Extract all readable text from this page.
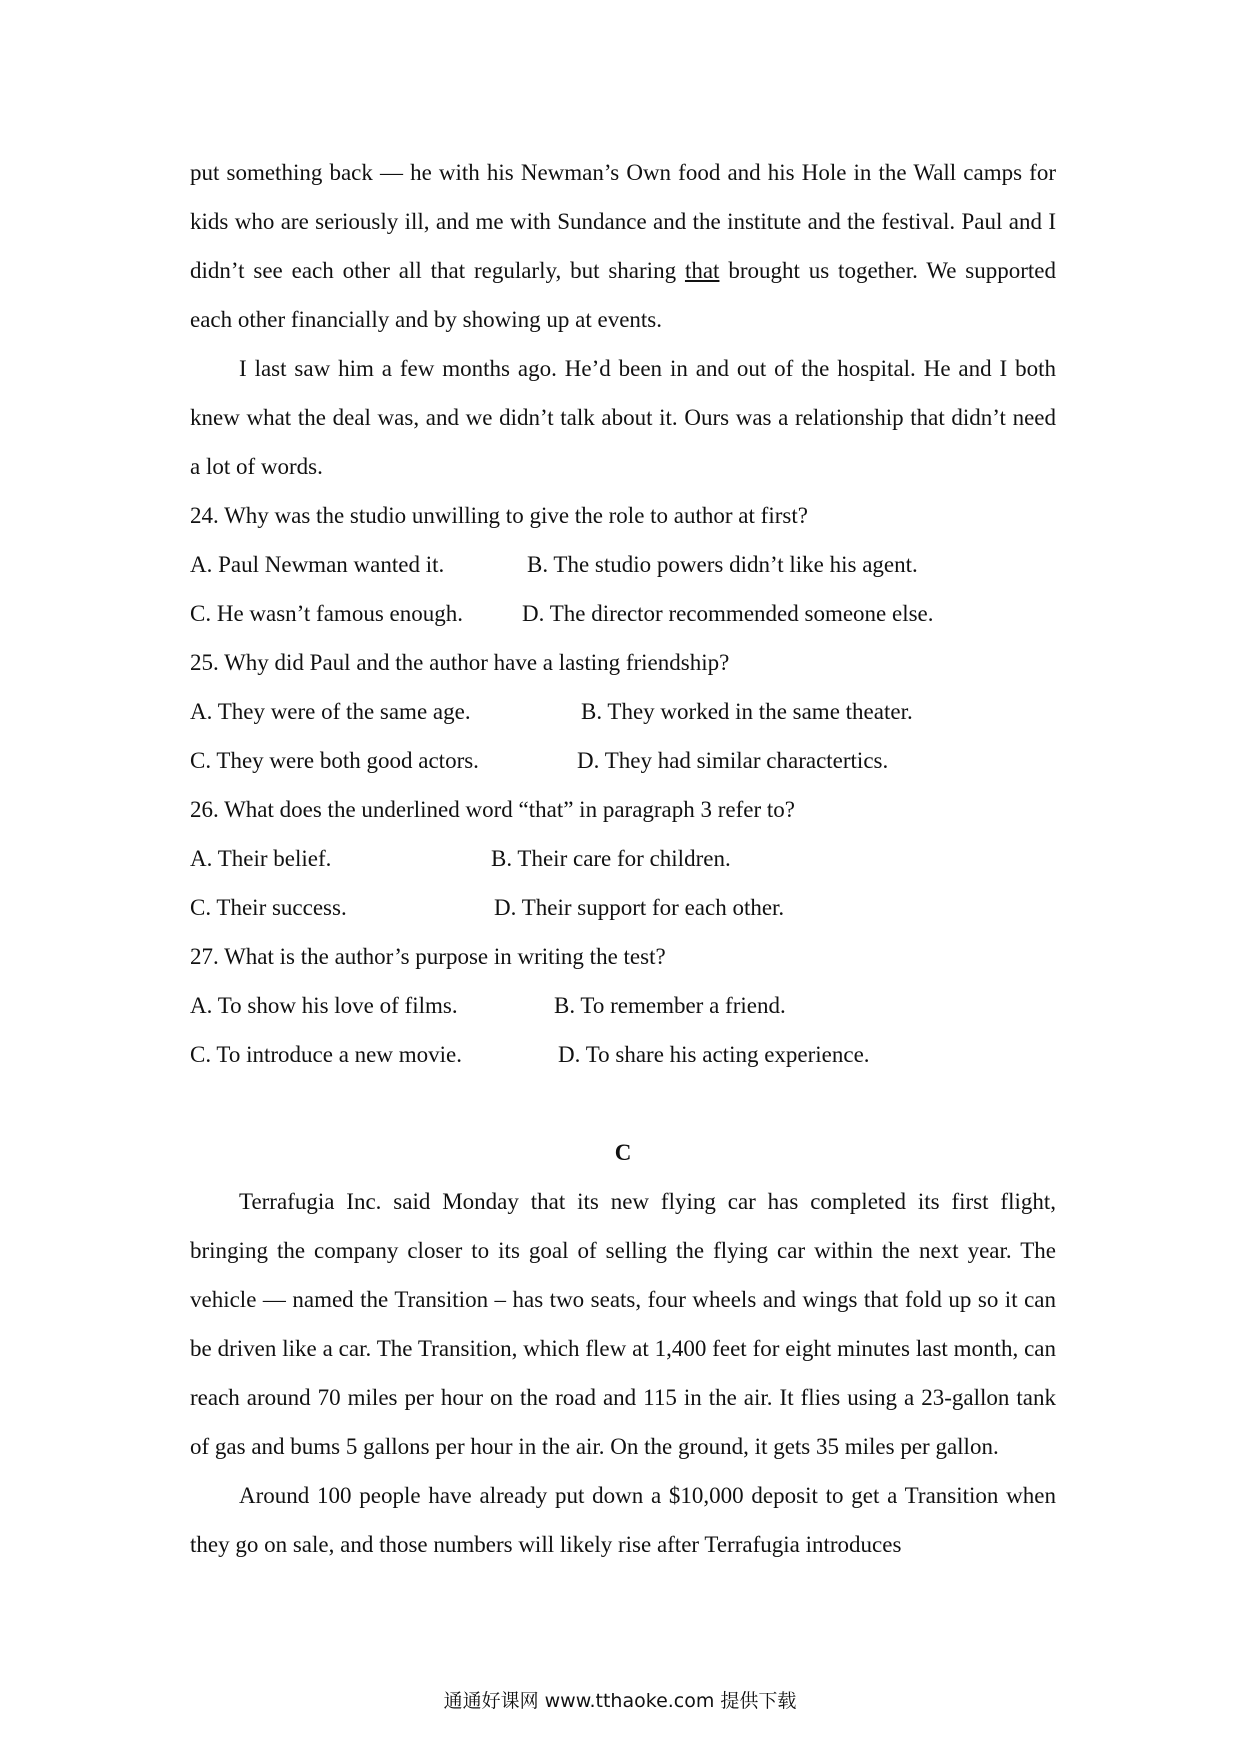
put something back — he with his Newman’s Own food and his Hole in the Wall camps for kids who are seriously ill, and me with Sundance and the institute and the festival. Paul and I didn’t see each other all that regularly, but sharing that brought us together. We supported each other financially and by showing up at events.

I last saw him a few months ago. He’d been in and out of the hospital. He and I both knew what the deal was, and we didn’t talk about it. Ours was a relationship that didn’t need a lot of words.

24. Why was the studio unwilling to give the role to author at first?

A. Paul Newman wanted it.	B. The studio powers didn’t like his agent.
C. He wasn’t famous enough.	D. The director recommended someone else.

25. Why did Paul and the author have a lasting friendship?

A. They were of the same age.	B. They worked in the same theater.
C. They were both good actors.	D. They had similar charactertics.

26. What does the underlined word “that” in paragraph 3 refer to?

A. Their belief.	B. Their care for children.
C. Their success.	D. Their support for each other.

27. What is the author’s purpose in writing the test?

A. To show his love of films.	B. To remember a friend.
C. To introduce a new movie.	D. To share his acting experience.

C

Terrafugia Inc. said Monday that its new flying car has completed its first flight, bringing the company closer to its goal of selling the flying car within the next year. The vehicle — named the Transition – has two seats, four wheels and wings that fold up so it can be driven like a car. The Transition, which flew at 1,400 feet for eight minutes last month, can reach around 70 miles per hour on the road and 115 in the air. It flies using a 23-gallon tank of gas and bums 5 gallons per hour in the air. On the ground, it gets 35 miles per gallon.

Around 100 people have already put down a $10,000 deposit to get a Transition when they go on sale, and those numbers will likely rise after Terrafugia introduces

通通好课网 www.tthaoke.com 提供下载
